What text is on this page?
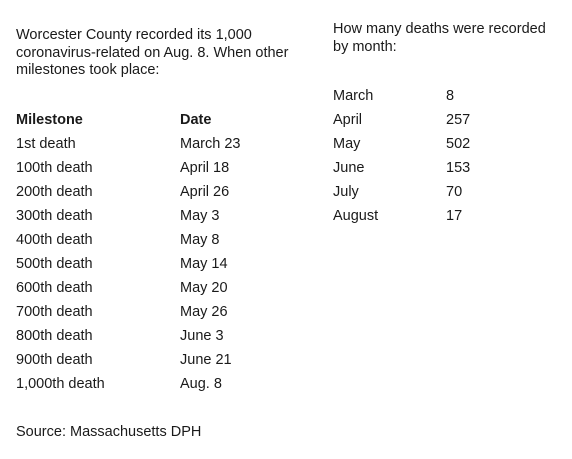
Worcester County recorded its 1,000 coronavirus-related on Aug. 8. When other milestones took place:

Milestone	Date
1st death	March 23
100th death	April 18
200th death	April 26
300th death	May 3
400th death	May 8
500th death	May 14
600th death	May 20
700th death	May 26
800th death	June 3
900th death	June 21
1,000th death	Aug. 8

How many deaths were recorded by month:

March	8
April	257
May	502
June	153
July	70
August	17

Source: Massachusetts DPH
